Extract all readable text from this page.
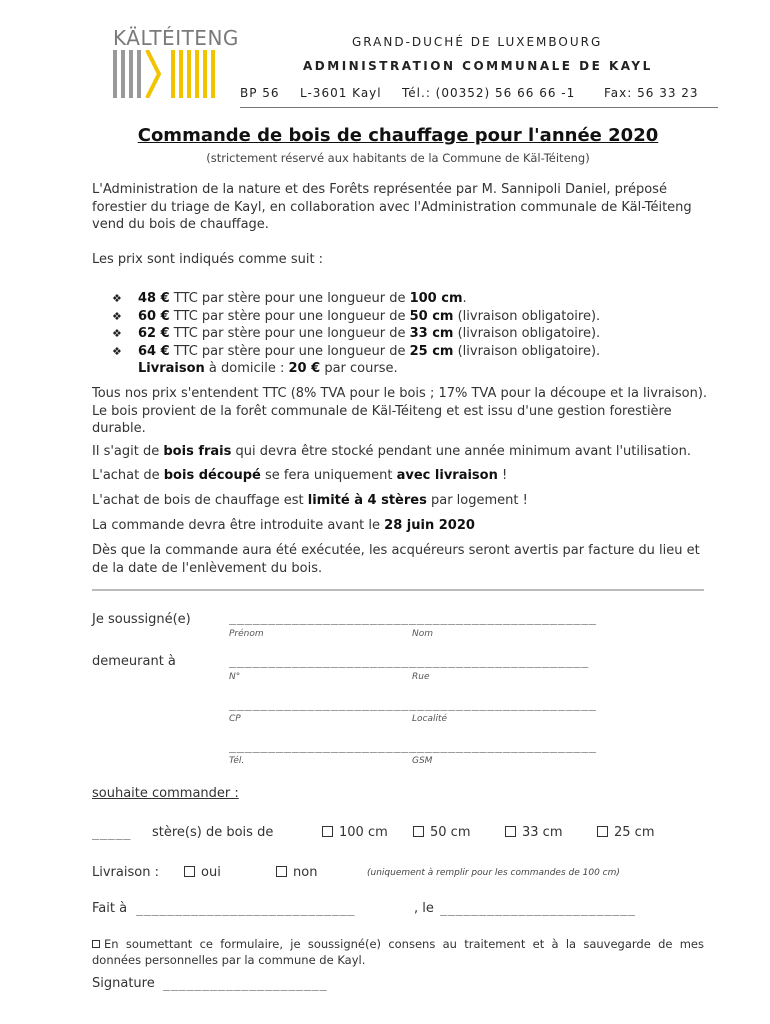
KÄLTÉITENG	GRAND-DUCHÉ DE LUXEMBOURG
ADMINISTRATION COMMUNALE DE KAYL
BP 56 L-3601 Kayl Tél.: (00352) 56 66 66 -1 Fax: 56 33 23
Commande de bois de chauffage pour l'année 2020
(strictement réservé aux habitants de la Commune de Käl-Téiteng)
L'Administration de la nature et des Forêts représentée par M. Sannipoli Daniel, préposé forestier du triage de Kayl, en collaboration avec l'Administration communale de Käl-Téiteng vend du bois de chauffage.
Les prix sont indiqués comme suit :
❖ 48 € TTC par stère pour une longueur de 100 cm.
❖ 60 € TTC par stère pour une longueur de 50 cm (livraison obligatoire).
❖ 62 € TTC par stère pour une longueur de 33 cm (livraison obligatoire).
❖ 64 € TTC par stère pour une longueur de 25 cm (livraison obligatoire).
Livraison à domicile : 20 € par course.
Tous nos prix s'entendent TTC (8% TVA pour le bois ; 17% TVA pour la découpe et la livraison). Le bois provient de la forêt communale de Käl-Téiteng et est issu d'une gestion forestière durable.
Il s'agit de bois frais qui devra être stocké pendant une année minimum avant l'utilisation.
L'achat de bois découpé se fera uniquement avec livraison !
L'achat de bois de chauffage est limité à 4 stères par logement !
La commande devra être introduite avant le 28 juin 2020
Dès que la commande aura été exécutée, les acquéreurs seront avertis par facture du lieu et de la date de l'enlèvement du bois.
Je soussigné(e)	_______________________________________________
Prénom	Nom
demeurant à	______________________________________________
N°	Rue
_______________________________________________
CP	Localité
_______________________________________________
Tél.	GSM
souhaite commander :
_____ stère(s) de bois de	100 cm	50 cm	33 cm	25 cm
Livraison :	oui	non	(uniquement à remplir pour les commandes de 100 cm)
Fait à ____________________________	, le _________________________
En soumettant ce formulaire, je soussigné(e) consens au traitement et à la sauvegarde de mes données personnelles par la commune de Kayl.
Signature _____________________
